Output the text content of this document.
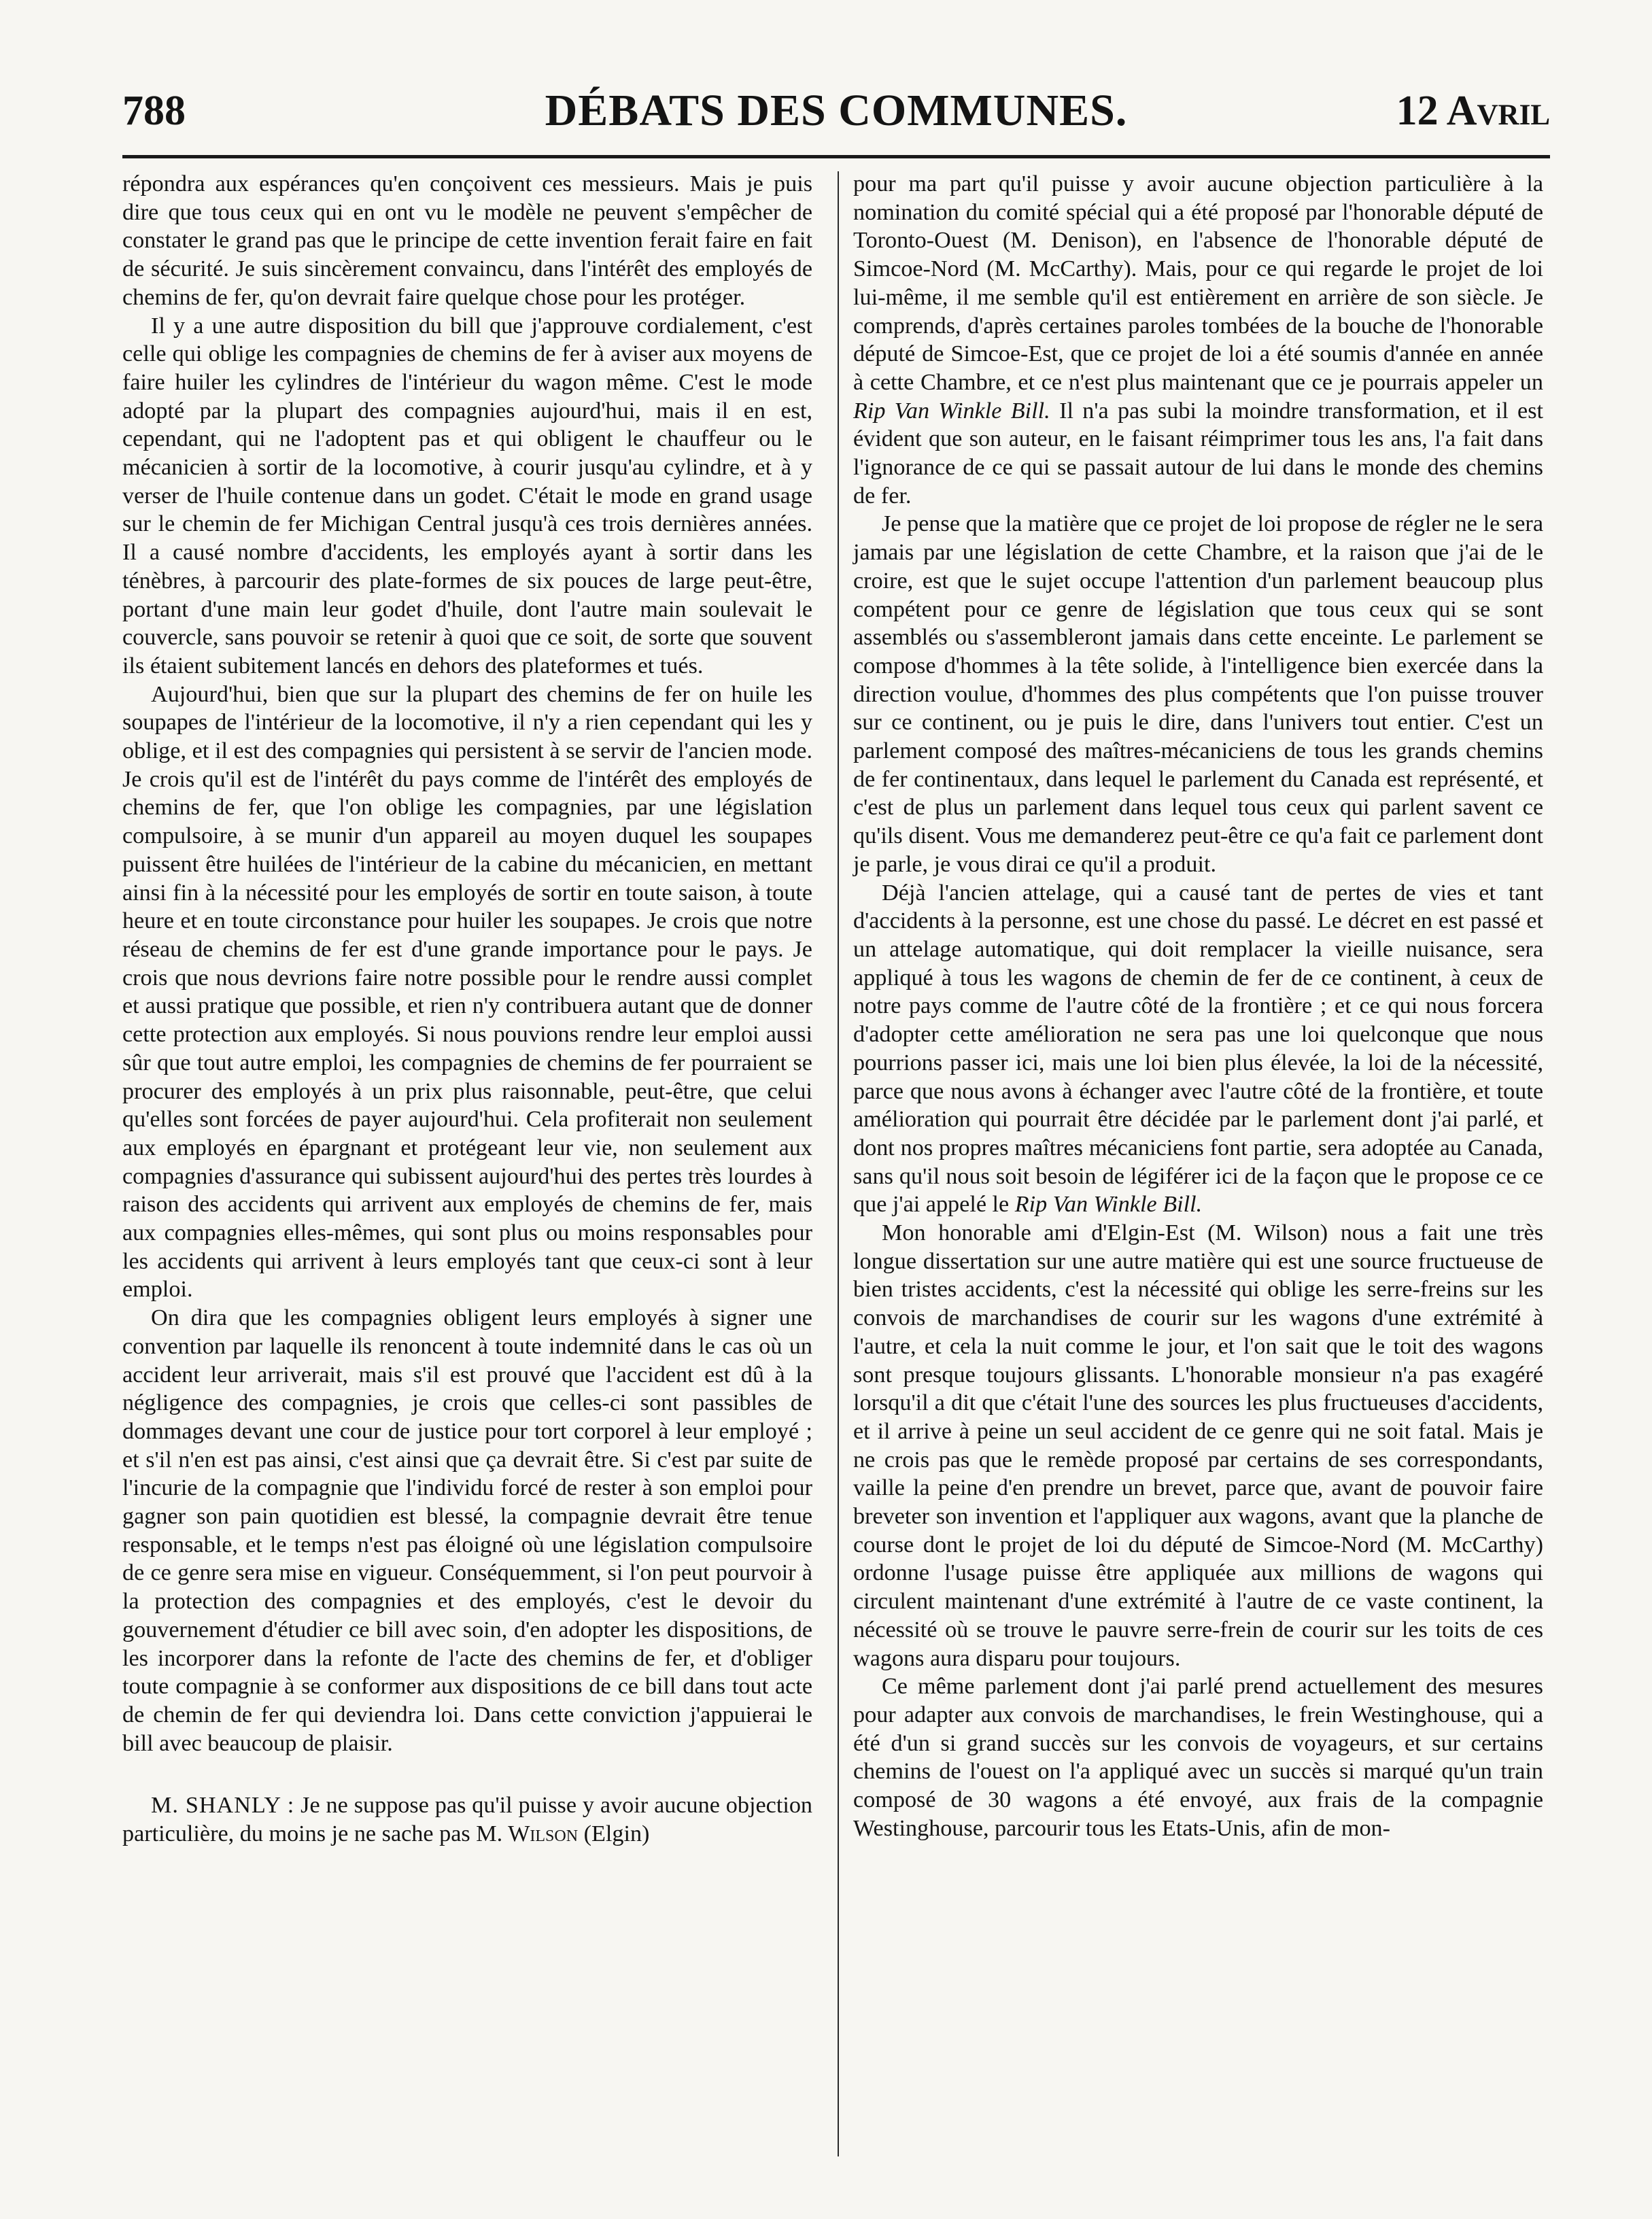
788	DÉBATS DES COMMUNES.	12 Avril

répondra aux espérances qu'en conçoivent ces messieurs. Mais je puis dire que tous ceux qui en ont vu le modèle ne peuvent s'empêcher de constater le grand pas que le principe de cette invention ferait faire en fait de sécurité. Je suis sincèrement convaincu, dans l'intérêt des employés de chemins de fer, qu'on devrait faire quelque chose pour les protéger.

Il y a une autre disposition du bill que j'approuve cordialement, c'est celle qui oblige les compagnies de chemins de fer à aviser aux moyens de faire huiler les cylindres de l'intérieur du wagon même. C'est le mode adopté par la plupart des compagnies aujourd'hui, mais il en est, cependant, qui ne l'adoptent pas et qui obligent le chauffeur ou le mécanicien à sortir de la locomotive, à courir jusqu'au cylindre, et à y verser de l'huile contenue dans un godet. C'était le mode en grand usage sur le chemin de fer Michigan Central jusqu'à ces trois dernières années. Il a causé nombre d'accidents, les employés ayant à sortir dans les ténèbres, à parcourir des plate-formes de six pouces de large peut-être, portant d'une main leur godet d'huile, dont l'autre main soulevait le couvercle, sans pouvoir se retenir à quoi que ce soit, de sorte que souvent ils étaient subitement lancés en dehors des plateformes et tués.

Aujourd'hui, bien que sur la plupart des chemins de fer on huile les soupapes de l'intérieur de la locomotive, il n'y a rien cependant qui les y oblige, et il est des compagnies qui persistent à se servir de l'ancien mode. Je crois qu'il est de l'intérêt du pays comme de l'intérêt des employés de chemins de fer, que l'on oblige les compagnies, par une législation compulsoire, à se munir d'un appareil au moyen duquel les soupapes puissent être huilées de l'intérieur de la cabine du mécanicien, en mettant ainsi fin à la nécessité pour les employés de sortir en toute saison, à toute heure et en toute circonstance pour huiler les soupapes. Je crois que notre réseau de chemins de fer est d'une grande importance pour le pays. Je crois que nous devrions faire notre possible pour le rendre aussi complet et aussi pratique que possible, et rien n'y contribuera autant que de donner cette protection aux employés. Si nous pouvions rendre leur emploi aussi sûr que tout autre emploi, les compagnies de chemins de fer pourraient se procurer des employés à un prix plus raisonnable, peut-être, que celui qu'elles sont forcées de payer aujourd'hui. Cela profiterait non seulement aux employés en épargnant et protégeant leur vie, non seulement aux compagnies d'assurance qui subissent aujourd'hui des pertes très lourdes à raison des accidents qui arrivent aux employés de chemins de fer, mais aux compagnies elles-mêmes, qui sont plus ou moins responsables pour les accidents qui arrivent à leurs employés tant que ceux-ci sont à leur emploi.

On dira que les compagnies obligent leurs employés à signer une convention par laquelle ils renoncent à toute indemnité dans le cas où un accident leur arriverait, mais s'il est prouvé que l'accident est dû à la négligence des compagnies, je crois que celles-ci sont passibles de dommages devant une cour de justice pour tort corporel à leur employé ; et s'il n'en est pas ainsi, c'est ainsi que ça devrait être. Si c'est par suite de l'incurie de la compagnie que l'individu forcé de rester à son emploi pour gagner son pain quotidien est blessé, la compagnie devrait être tenue responsable, et le temps n'est pas éloigné où une législation compulsoire de ce genre sera mise en vigueur. Conséquemment, si l'on peut pourvoir à la protection des compagnies et des employés, c'est le devoir du gouvernement d'étudier ce bill avec soin, d'en adopter les dispositions, de les incorporer dans la refonte de l'acte des chemins de fer, et d'obliger toute compagnie à se conformer aux dispositions de ce bill dans tout acte de chemin de fer qui deviendra loi. Dans cette conviction j'appuierai le bill avec beaucoup de plaisir.

M. SHANLY : Je ne suppose pas qu'il puisse y avoir aucune objection particulière, du moins je ne sache pas M. Wilson (Elgin)

pour ma part qu'il puisse y avoir aucune objection particulière à la nomination du comité spécial qui a été proposé par l'honorable député de Toronto-Ouest (M. Denison), en l'absence de l'honorable député de Simcoe-Nord (M. McCarthy). Mais, pour ce qui regarde le projet de loi lui-même, il me semble qu'il est entièrement en arrière de son siècle. Je comprends, d'après certaines paroles tombées de la bouche de l'honorable député de Simcoe-Est, que ce projet de loi a été soumis d'année en année à cette Chambre, et ce n'est plus maintenant que ce je pourrais appeler un Rip Van Winkle Bill. Il n'a pas subi la moindre transformation, et il est évident que son auteur, en le faisant réimprimer tous les ans, l'a fait dans l'ignorance de ce qui se passait autour de lui dans le monde des chemins de fer.

Je pense que la matière que ce projet de loi propose de régler ne le sera jamais par une législation de cette Chambre, et la raison que j'ai de le croire, est que le sujet occupe l'attention d'un parlement beaucoup plus compétent pour ce genre de législation que tous ceux qui se sont assemblés ou s'assembleront jamais dans cette enceinte. Le parlement se compose d'hommes à la tête solide, à l'intelligence bien exercée dans la direction voulue, d'hommes des plus compétents que l'on puisse trouver sur ce continent, ou je puis le dire, dans l'univers tout entier. C'est un parlement composé des maîtres-mécaniciens de tous les grands chemins de fer continentaux, dans lequel le parlement du Canada est représenté, et c'est de plus un parlement dans lequel tous ceux qui parlent savent ce qu'ils disent. Vous me demanderez peut-être ce qu'a fait ce parlement dont je parle, je vous dirai ce qu'il a produit.

Déjà l'ancien attelage, qui a causé tant de pertes de vies et tant d'accidents à la personne, est une chose du passé. Le décret en est passé et un attelage automatique, qui doit remplacer la vieille nuisance, sera appliqué à tous les wagons de chemin de fer de ce continent, à ceux de notre pays comme de l'autre côté de la frontière ; et ce qui nous forcera d'adopter cette amélioration ne sera pas une loi quelconque que nous pourrions passer ici, mais une loi bien plus élevée, la loi de la nécessité, parce que nous avons à échanger avec l'autre côté de la frontière, et toute amélioration qui pourrait être décidée par le parlement dont j'ai parlé, et dont nos propres maîtres mécaniciens font partie, sera adoptée au Canada, sans qu'il nous soit besoin de légiférer ici de la façon que le propose ce ce que j'ai appelé le Rip Van Winkle Bill.

Mon honorable ami d'Elgin-Est (M. Wilson) nous a fait une très longue dissertation sur une autre matière qui est une source fructueuse de bien tristes accidents, c'est la nécessité qui oblige les serre-freins sur les convois de marchandises de courir sur les wagons d'une extrémité à l'autre, et cela la nuit comme le jour, et l'on sait que le toit des wagons sont presque toujours glissants. L'honorable monsieur n'a pas exagéré lorsqu'il a dit que c'était l'une des sources les plus fructueuses d'accidents, et il arrive à peine un seul accident de ce genre qui ne soit fatal. Mais je ne crois pas que le remède proposé par certains de ses correspondants, vaille la peine d'en prendre un brevet, parce que, avant de pouvoir faire breveter son invention et l'appliquer aux wagons, avant que la planche de course dont le projet de loi du député de Simcoe-Nord (M. McCarthy) ordonne l'usage puisse être appliquée aux millions de wagons qui circulent maintenant d'une extrémité à l'autre de ce vaste continent, la nécessité où se trouve le pauvre serre-frein de courir sur les toits de ces wagons aura disparu pour toujours.

Ce même parlement dont j'ai parlé prend actuellement des mesures pour adapter aux convois de marchandises, le frein Westinghouse, qui a été d'un si grand succès sur les convois de voyageurs, et sur certains chemins de l'ouest on l'a appliqué avec un succès si marqué qu'un train composé de 30 wagons a été envoyé, aux frais de la compagnie Westinghouse, parcourir tous les Etats-Unis, afin de mon-
